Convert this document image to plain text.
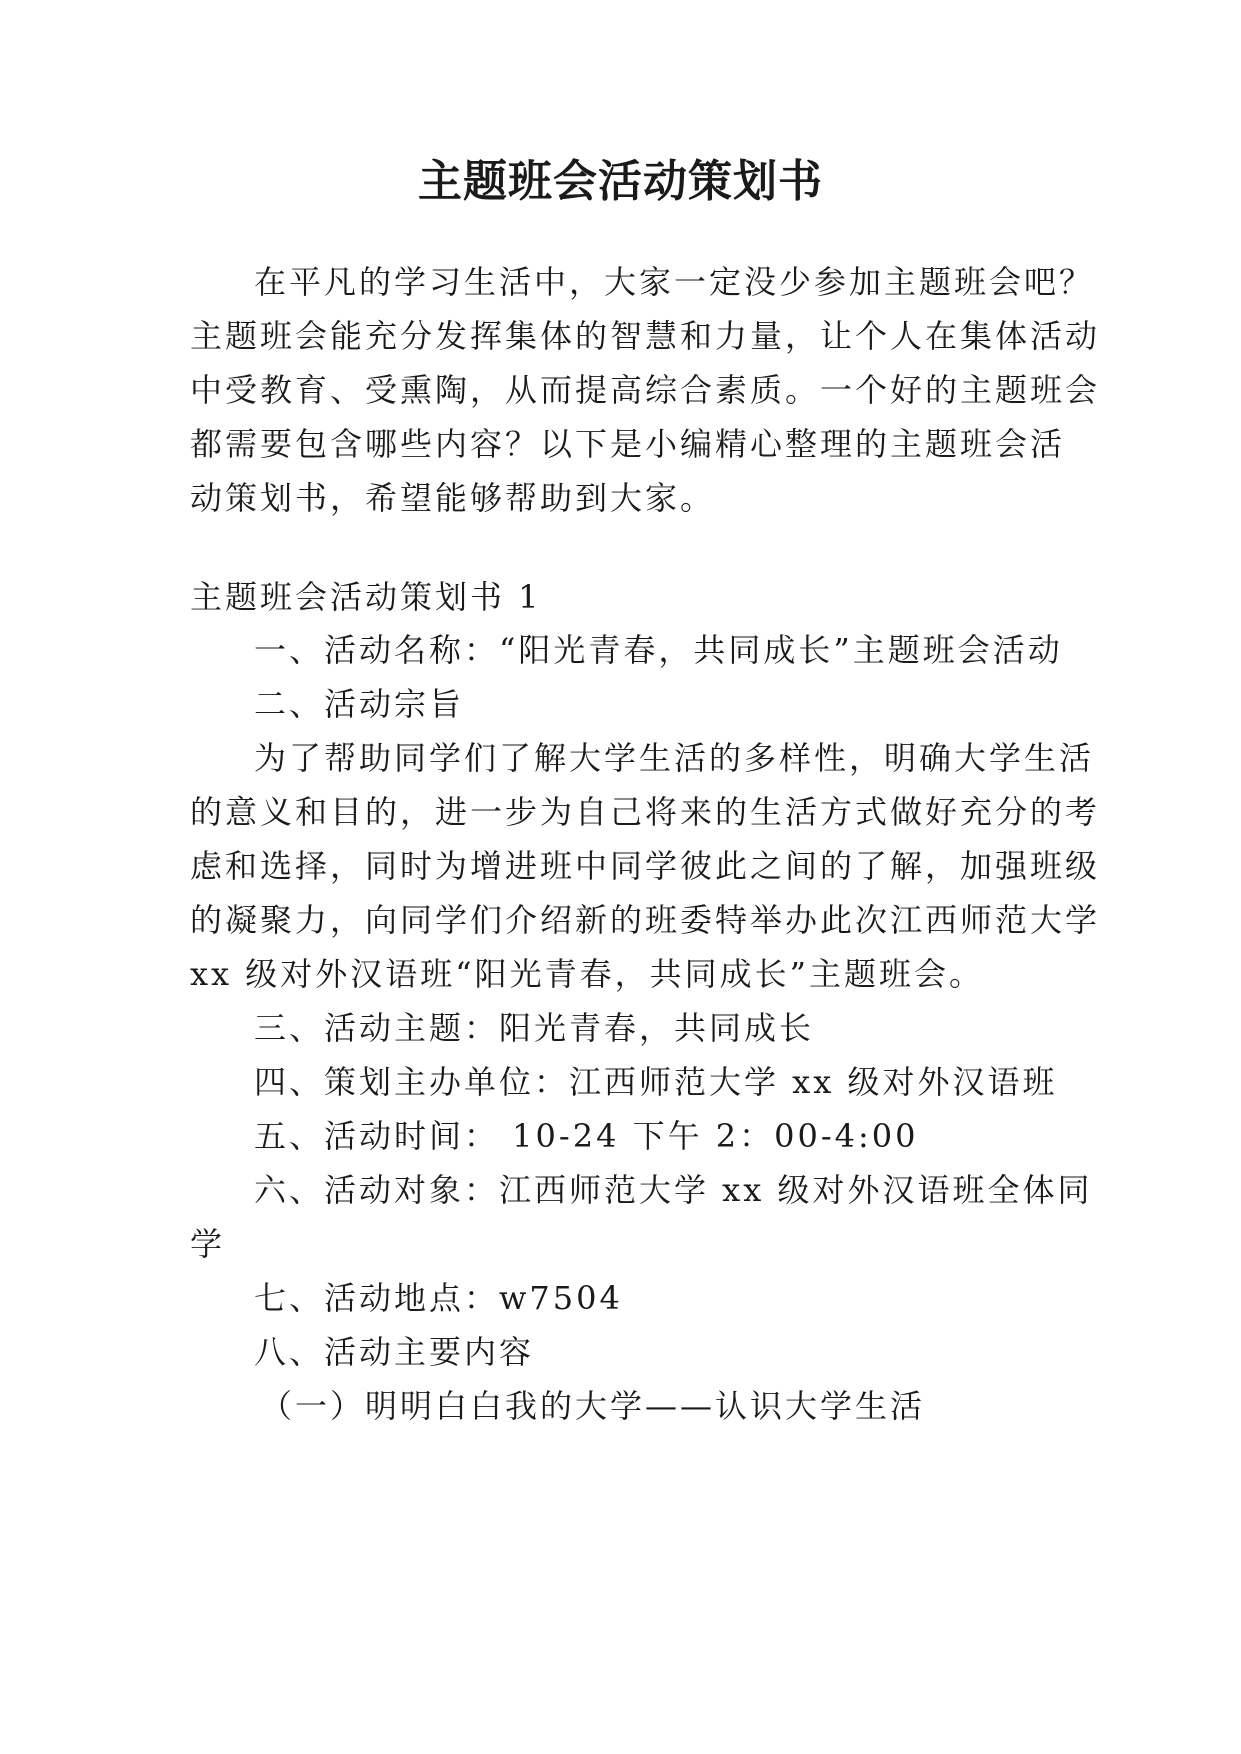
主题班会活动策划书
在平凡的学习生活中，大家一定没少参加主题班会吧？
主题班会能充分发挥集体的智慧和力量，让个人在集体活动
中受教育、受熏陶，从而提高综合素质。一个好的主题班会
都需要包含哪些内容？以下是小编精心整理的主题班会活
动策划书，希望能够帮助到大家。
主题班会活动策划书 1
一、活动名称：“阳光青春，共同成长”主题班会活动
二、活动宗旨
为了帮助同学们了解大学生活的多样性，明确大学生活
的意义和目的，进一步为自己将来的生活方式做好充分的考
虑和选择，同时为增进班中同学彼此之间的了解，加强班级
的凝聚力，向同学们介绍新的班委特举办此次江西师范大学
xx 级对外汉语班“阳光青春，共同成长”主题班会。
三、活动主题：阳光青春，共同成长
四、策划主办单位：江西师范大学 xx 级对外汉语班
五、活动时间： 10-24 下午 2：00-4:00
六、活动对象：江西师范大学 xx 级对外汉语班全体同
学
七、活动地点：w7504
八、活动主要内容
（一）明明白白我的大学——认识大学生活
